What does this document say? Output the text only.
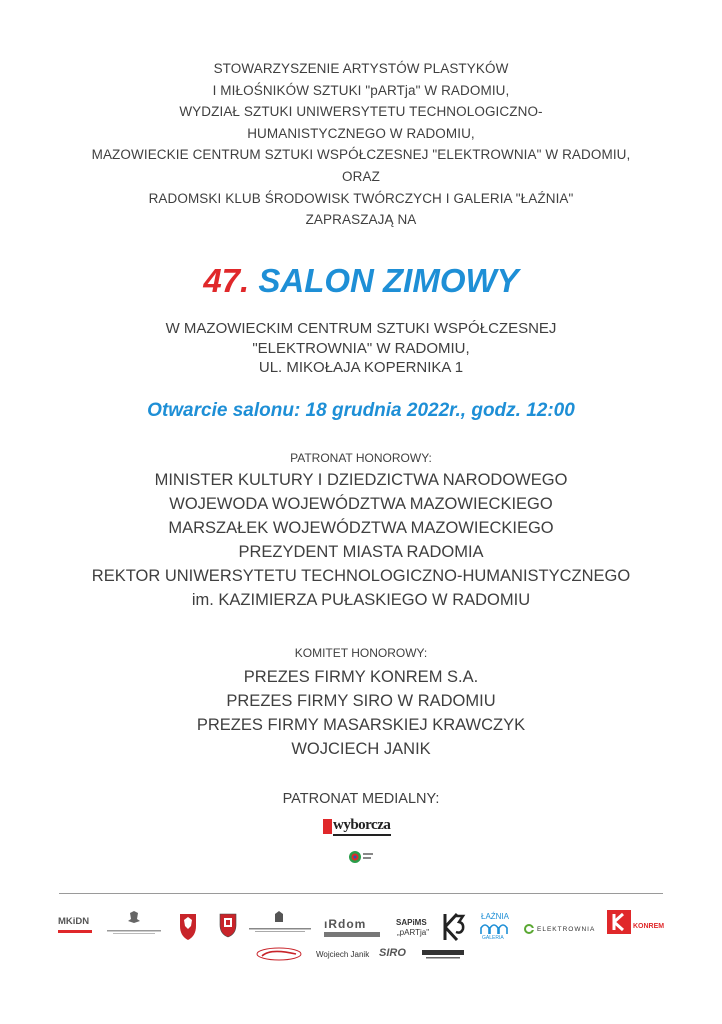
STOWARZYSZENIE ARTYSTÓW PLASTYKÓW
I MIŁOŚNIKÓW SZTUKI "pARTja" W RADOMIU,
WYDZIAŁ SZTUKI UNIWERSYTETU TECHNOLOGICZNO-
HUMANISTYCZNEGO W RADOMIU,
MAZOWIECKIE CENTRUM SZTUKI WSPÓŁCZESNEJ "ELEKTROWNIA" W RADOMIU,
ORAZ
RADOMSKI KLUB ŚRODOWISK TWÓRCZYCH I GALERIA "ŁAŹNIA"
ZAPRASZAJĄ NA
47. SALON ZIMOWY
W MAZOWIECKIM CENTRUM SZTUKI WSPÓŁCZESNEJ
"ELEKTROWNIA" W RADOMIU,
UL. MIKOŁAJA KOPERNIKA 1
Otwarcie salonu: 18 grudnia 2022r., godz. 12:00
PATRONAT HONOROWY:
MINISTER KULTURY I DZIEDZICTWA NARODOWEGO
WOJEWODA WOJEWÓDZTWA MAZOWIECKIEGO
MARSZAŁEK WOJEWÓDZTWA MAZOWIECKIEGO
PREZYDENT MIASTA RADOMIA
REKTOR UNIWERSYTETU TECHNOLOGICZNO-HUMANISTYCZNEGO
im. KAZIMIERZA PUŁASKIEGO W RADOMIU
KOMITET HONOROWY:
PREZES FIRMY KONREM S.A.
PREZES FIRMY SIRO W RADOMIU
PREZES FIRMY MASARSKIEJ KRAWCZYK
WOJCIECH JANIK
PATRONAT MEDIALNY:
wyborcza
MKiDN	ıRdom	SAPiMS
„pARTja"
ŁAŹNIA
GALERIA
ELEKTROWNIA	KONREM
Wojciech Janik SIRO
